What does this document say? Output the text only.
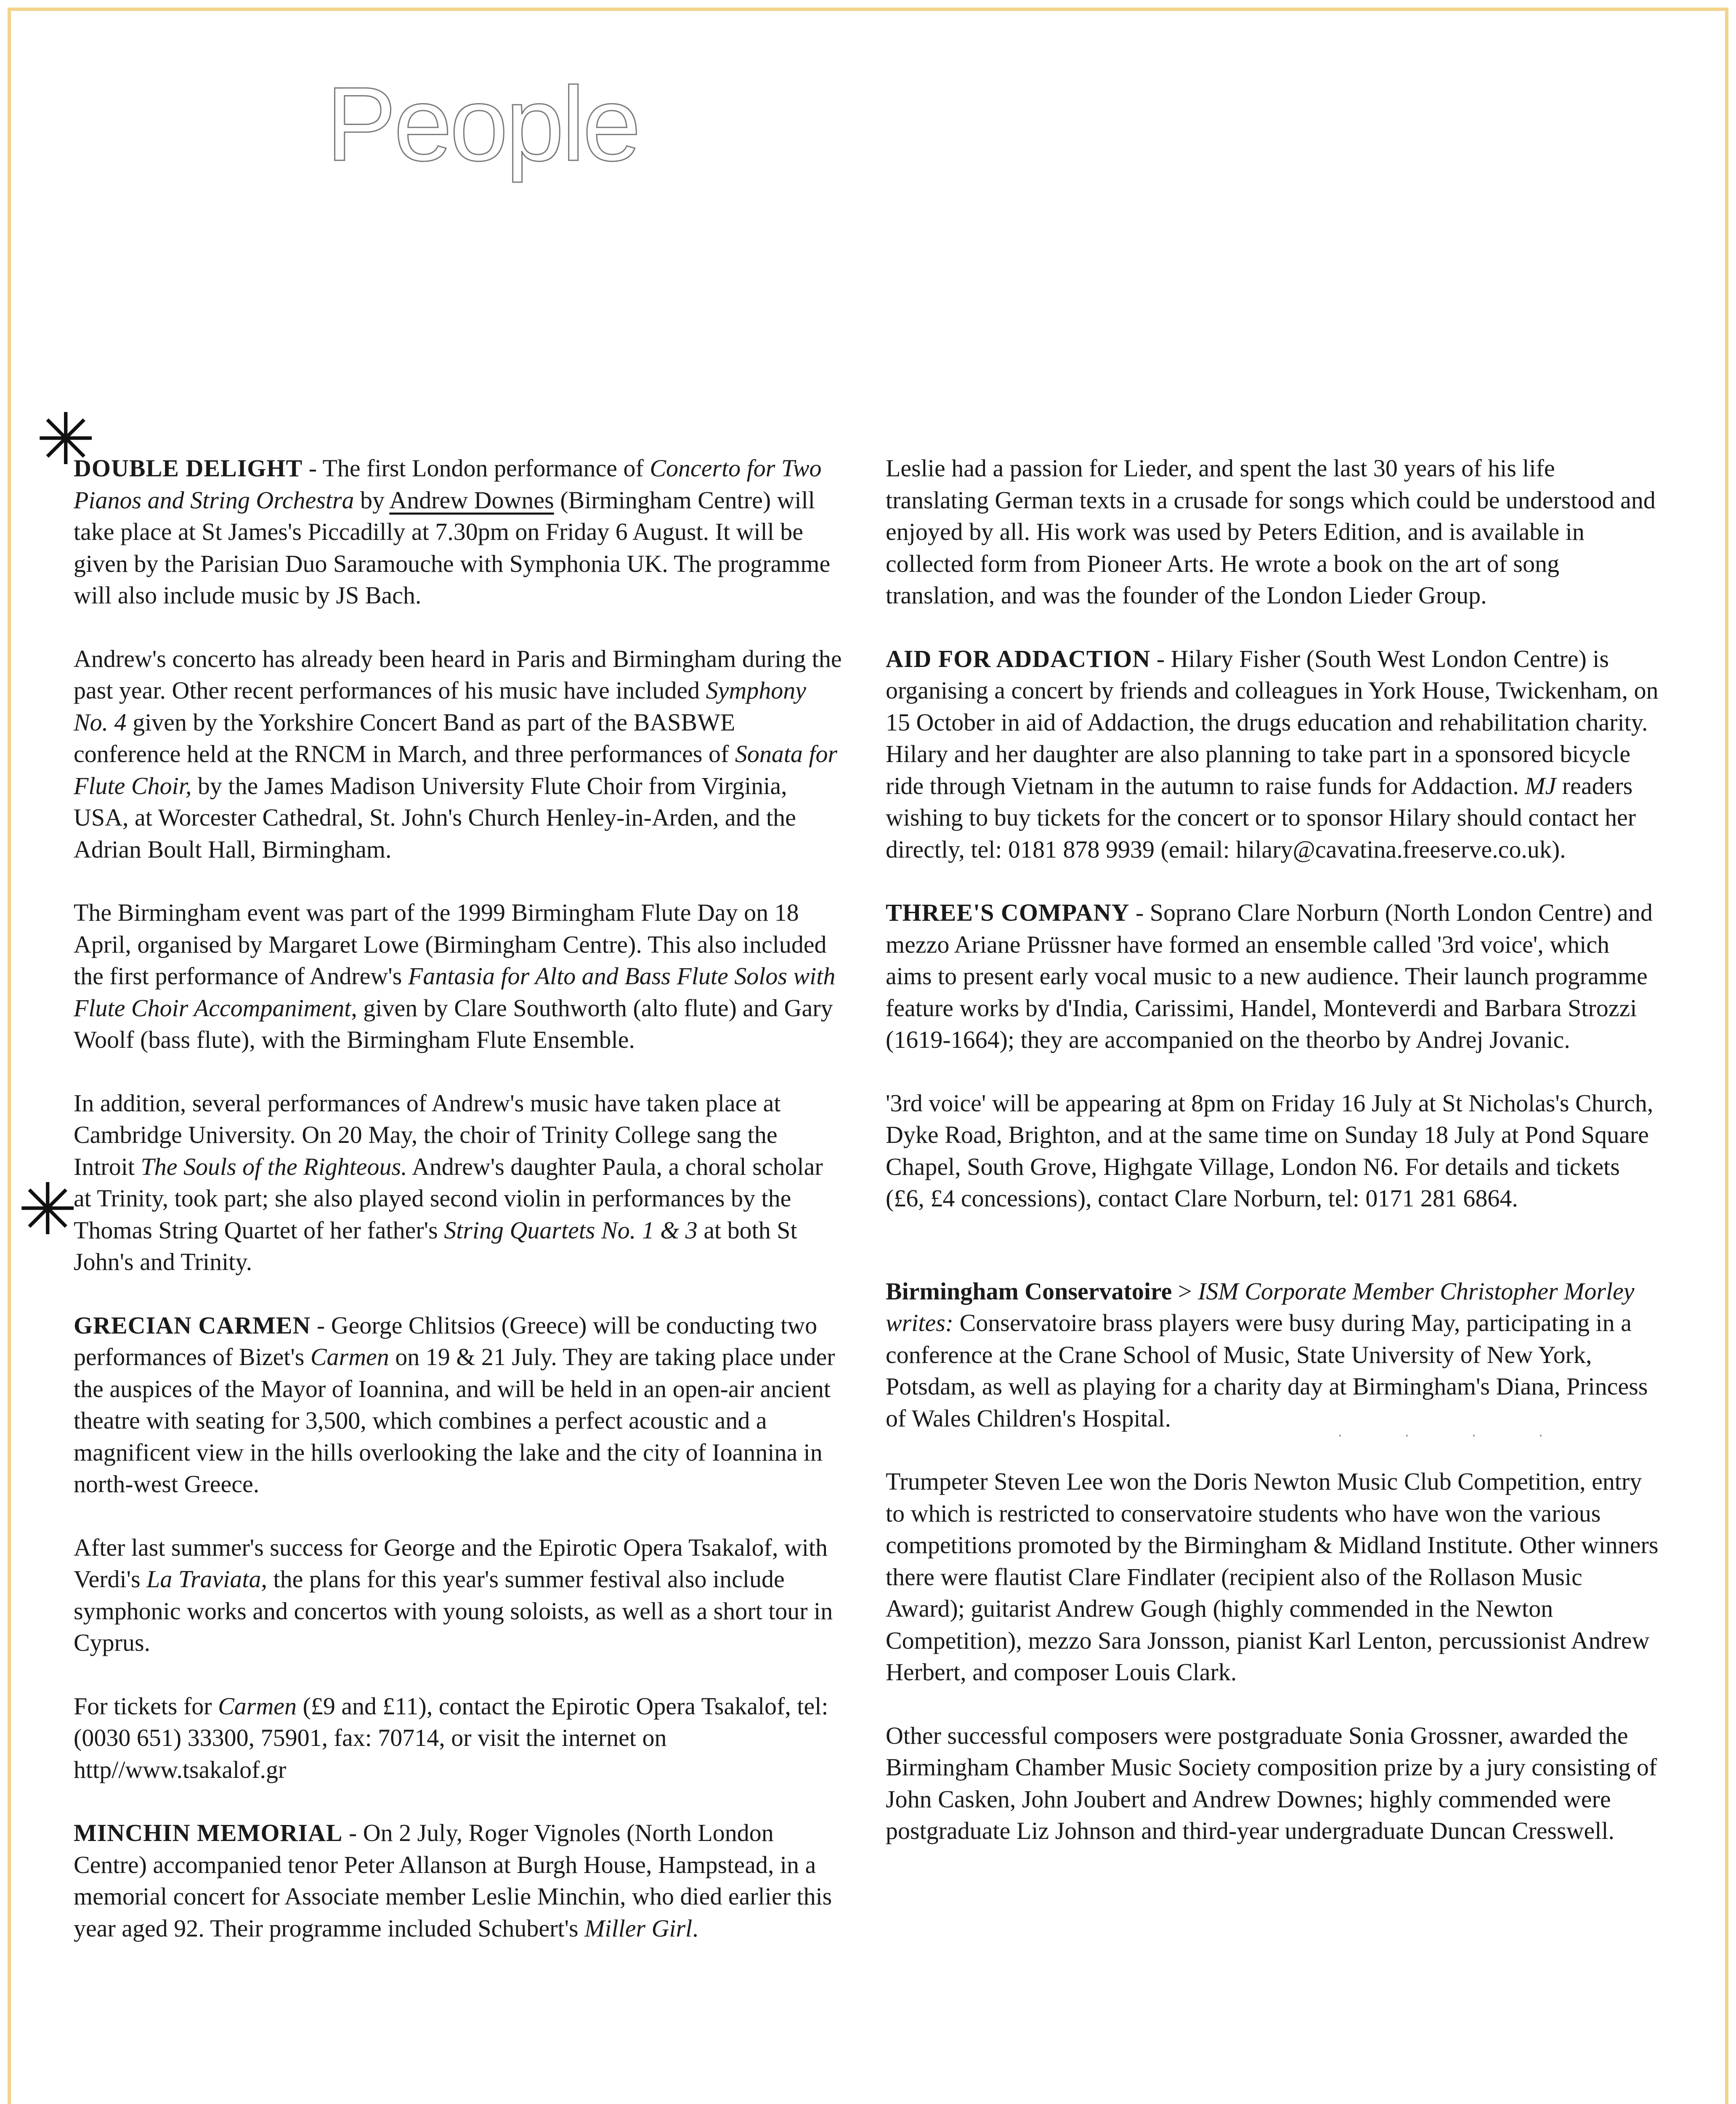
People
✳
✳

DOUBLE DELIGHT - The first London performance of Concerto for Two Pianos and String Orchestra by Andrew Downes (Birmingham Centre) will take place at St James's Piccadilly at 7.30pm on Friday 6 August. It will be given by the Parisian Duo Saramouche with Symphonia UK. The programme will also include music by JS Bach.

Andrew's concerto has already been heard in Paris and Birmingham during the past year. Other recent performances of his music have included Symphony No. 4 given by the Yorkshire Concert Band as part of the BASBWE conference held at the RNCM in March, and three performances of Sonata for Flute Choir, by the James Madison University Flute Choir from Virginia, USA, at Worcester Cathedral, St. John's Church Henley-in-Arden, and the Adrian Boult Hall, Birmingham.

The Birmingham event was part of the 1999 Birmingham Flute Day on 18 April, organised by Margaret Lowe (Birmingham Centre). This also included the first performance of Andrew's Fantasia for Alto and Bass Flute Solos with Flute Choir Accompaniment, given by Clare Southworth (alto flute) and Gary Woolf (bass flute), with the Birmingham Flute Ensemble.

In addition, several performances of Andrew's music have taken place at Cambridge University. On 20 May, the choir of Trinity College sang the Introit The Souls of the Righteous. Andrew's daughter Paula, a choral scholar at Trinity, took part; she also played second violin in performances by the Thomas String Quartet of her father's String Quartets No. 1 & 3 at both St John's and Trinity.

GRECIAN CARMEN - George Chlitsios (Greece) will be conducting two performances of Bizet's Carmen on 19 & 21 July. They are taking place under the auspices of the Mayor of Ioannina, and will be held in an open-air ancient theatre with seating for 3,500, which combines a perfect acoustic and a magnificent view in the hills overlooking the lake and the city of Ioannina in north-west Greece.

After last summer's success for George and the Epirotic Opera Tsakalof, with Verdi's La Traviata, the plans for this year's summer festival also include symphonic works and concertos with young soloists, as well as a short tour in Cyprus.

For tickets for Carmen (£9 and £11), contact the Epirotic Opera Tsakalof, tel: (0030 651) 33300, 75901, fax: 70714, or visit the internet on http//www.tsakalof.gr

MINCHIN MEMORIAL - On 2 July, Roger Vignoles (North London Centre) accompanied tenor Peter Allanson at Burgh House, Hampstead, in a memorial concert for Associate member Leslie Minchin, who died earlier this year aged 92. Their programme included Schubert's Miller Girl.

Leslie had a passion for Lieder, and spent the last 30 years of his life translating German texts in a crusade for songs which could be understood and enjoyed by all. His work was used by Peters Edition, and is available in collected form from Pioneer Arts. He wrote a book on the art of song translation, and was the founder of the London Lieder Group.

AID FOR ADDACTION - Hilary Fisher (South West London Centre) is organising a concert by friends and colleagues in York House, Twickenham, on 15 October in aid of Addaction, the drugs education and rehabilitation charity. Hilary and her daughter are also planning to take part in a sponsored bicycle ride through Vietnam in the autumn to raise funds for Addaction. MJ readers wishing to buy tickets for the concert or to sponsor Hilary should contact her directly, tel: 0181 878 9939 (email: hilary@cavatina.freeserve.co.uk).

THREE'S COMPANY - Soprano Clare Norburn (North London Centre) and mezzo Ariane Prüssner have formed an ensemble called '3rd voice', which aims to present early vocal music to a new audience. Their launch programme feature works by d'India, Carissimi, Handel, Monteverdi and Barbara Strozzi (1619-1664); they are accompanied on the theorbo by Andrej Jovanic.

'3rd voice' will be appearing at 8pm on Friday 16 July at St Nicholas's Church, Dyke Road, Brighton, and at the same time on Sunday 18 July at Pond Square Chapel, South Grove, Highgate Village, London N6. For details and tickets (£6, £4 concessions), contact Clare Norburn, tel: 0171 281 6864.

Birmingham Conservatoire > ISM Corporate Member Christopher Morley writes: Conservatoire brass players were busy during May, participating in a conference at the Crane School of Music, State University of New York, Potsdam, as well as playing for a charity day at Birmingham's Diana, Princess of Wales Children's Hospital.

Trumpeter Steven Lee won the Doris Newton Music Club Competition, entry to which is restricted to conservatoire students who have won the various competitions promoted by the Birmingham & Midland Institute. Other winners there were flautist Clare Findlater (recipient also of the Rollason Music Award); guitarist Andrew Gough (highly commended in the Newton Competition), mezzo Sara Jonsson, pianist Karl Lenton, percussionist Andrew Herbert, and composer Louis Clark.

Other successful composers were postgraduate Sonia Grossner, awarded the Birmingham Chamber Music Society composition prize by a jury consisting of John Casken, John Joubert and Andrew Downes; highly commended were postgraduate Liz Johnson and third-year undergraduate Duncan Cresswell.

· · · ·
